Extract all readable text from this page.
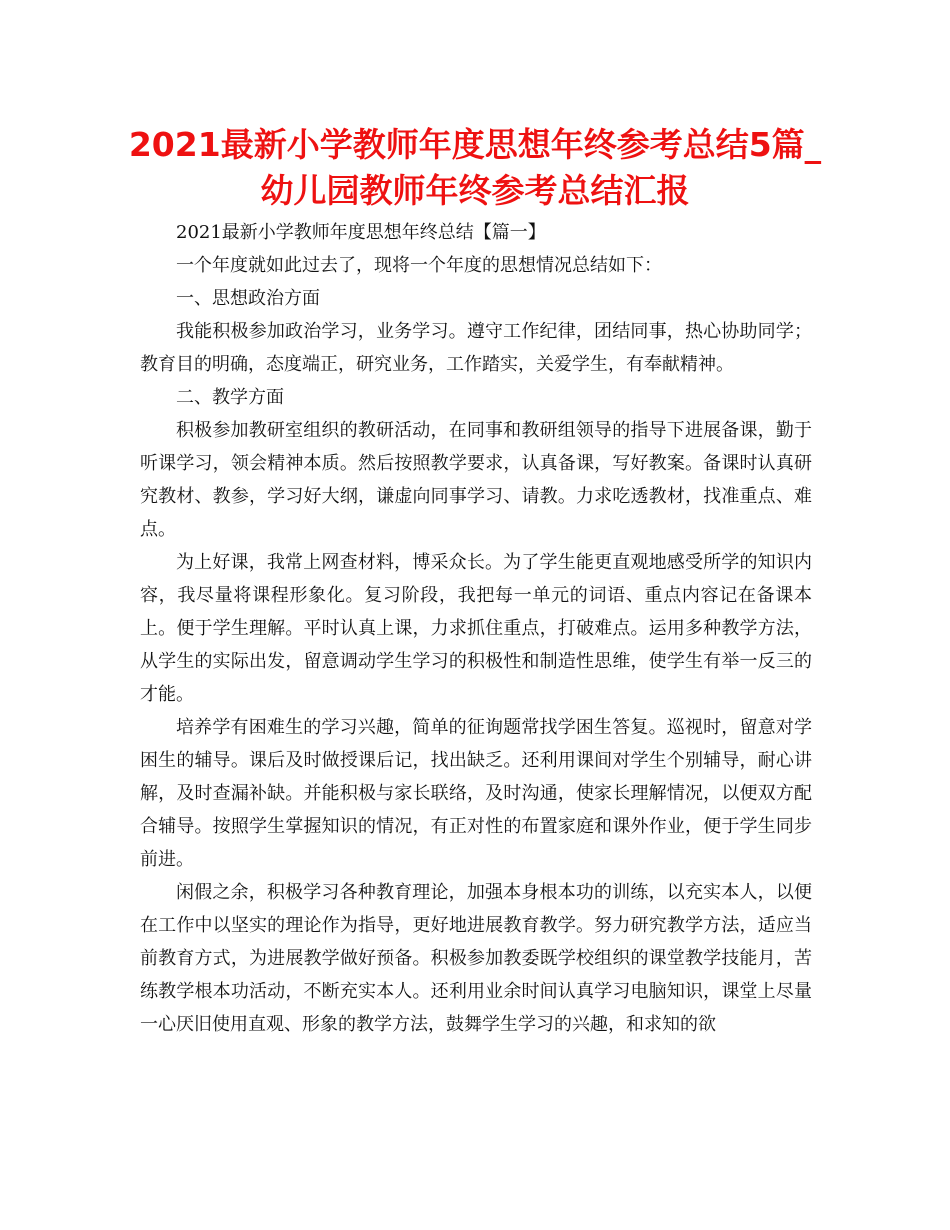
2021最新小学教师年度思想年终参考总结5篇_
幼儿园教师年终参考总结汇报

2021最新小学教师年度思想年终总结【篇一】

一个年度就如此过去了，现将一个年度的思想情况总结如下：

一、思想政治方面

我能积极参加政治学习，业务学习。遵守工作纪律，团结同事，热心协助同学；教育目的明确，态度端正，研究业务，工作踏实，关爱学生，有奉献精神。

二、教学方面

积极参加教研室组织的教研活动，在同事和教研组领导的指导下进展备课，勤于听课学习，领会精神本质。然后按照教学要求，认真备课，写好教案。备课时认真研究教材、教参，学习好大纲，谦虚向同事学习、请教。力求吃透教材，找准重点、难点。

为上好课，我常上网查材料，博采众长。为了学生能更直观地感受所学的知识内容，我尽量将课程形象化。复习阶段，我把每一单元的词语、重点内容记在备课本上。便于学生理解。平时认真上课，力求抓住重点，打破难点。运用多种教学方法，从学生的实际出发，留意调动学生学习的积极性和制造性思维，使学生有举一反三的才能。

培养学有困难生的学习兴趣，简单的征询题常找学困生答复。巡视时，留意对学困生的辅导。课后及时做授课后记，找出缺乏。还利用课间对学生个别辅导，耐心讲解，及时查漏补缺。并能积极与家长联络，及时沟通，使家长理解情况，以便双方配合辅导。按照学生掌握知识的情况，有正对性的布置家庭和课外作业，便于学生同步前进。

闲假之余，积极学习各种教育理论，加强本身根本功的训练，以充实本人，以便在工作中以坚实的理论作为指导，更好地进展教育教学。努力研究教学方法，适应当前教育方式，为进展教学做好预备。积极参加教委既学校组织的课堂教学技能月，苦练教学根本功活动，不断充实本人。还利用业余时间认真学习电脑知识，课堂上尽量一心厌旧使用直观、形象的教学方法，鼓舞学生学习的兴趣，和求知的欲
